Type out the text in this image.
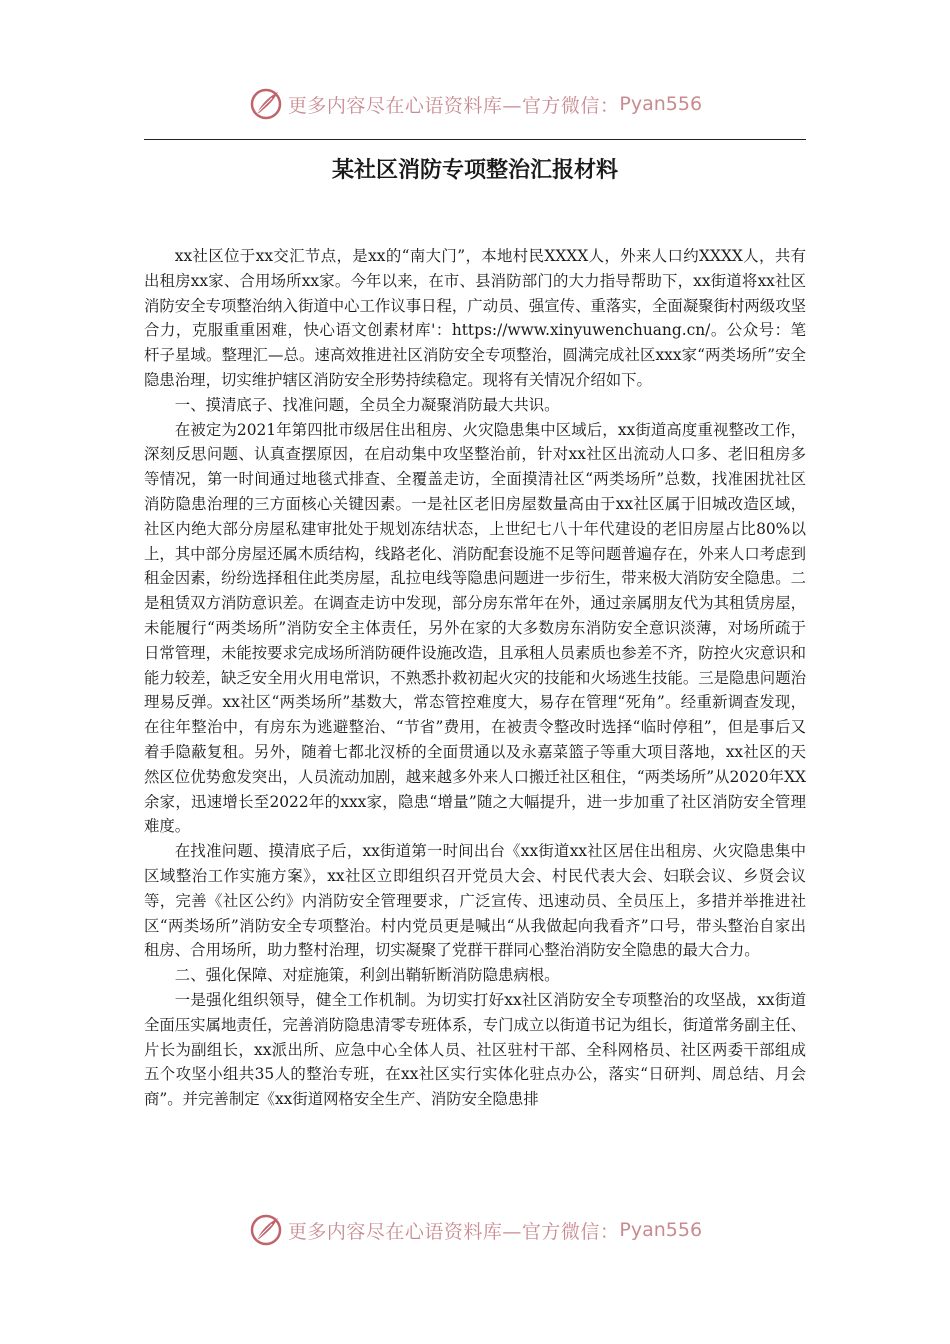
更多内容尽在心语资料库—官方微信： Pyan556
某社区消防专项整治汇报材料

xx社区位于xx交汇节点，是xx的“南大门”，本地村民XXXX人，外来人口约XXXX人，共有出租房xx家、合用场所xx家。今年以来，在市、县消防部门的大力指导帮助下，xx街道将xx社区消防安全专项整治纳入街道中心工作议事日程，广动员、强宣传、重落实，全面凝聚街村两级攻坚合力，克服重重困难，快心语文创素材库'：https://www.xinyuwenchuang.cn/。公众号：笔杆子星域。整理汇—总。速高效推进社区消防安全专项整治，圆满完成社区xxx家“两类场所”安全隐患治理，切实维护辖区消防安全形势持续稳定。现将有关情况介绍如下。

一、摸清底子、找准问题，全员全力凝聚消防最大共识。

在被定为2021年第四批市级居住出租房、火灾隐患集中区域后，xx街道高度重视整改工作，深刻反思问题、认真查摆原因，在启动集中攻坚整治前，针对xx社区出流动人口多、老旧租房多等情况，第一时间通过地毯式排查、全覆盖走访，全面摸清社区“两类场所”总数，找准困扰社区消防隐患治理的三方面核心关键因素。一是社区老旧房屋数量高由于xx社区属于旧城改造区域，社区内绝大部分房屋私建审批处于规划冻结状态，上世纪七八十年代建设的老旧房屋占比80%以上，其中部分房屋还属木质结构，线路老化、消防配套设施不足等问题普遍存在，外来人口考虑到租金因素，纷纷选择租住此类房屋，乱拉电线等隐患问题进一步衍生，带来极大消防安全隐患。二是租赁双方消防意识差。在调查走访中发现，部分房东常年在外，通过亲属朋友代为其租赁房屋，未能履行“两类场所”消防安全主体责任，另外在家的大多数房东消防安全意识淡薄，对场所疏于日常管理，未能按要求完成场所消防硬件设施改造，且承租人员素质也参差不齐，防控火灾意识和能力较差，缺乏安全用火用电常识，不熟悉扑救初起火灾的技能和火场逃生技能。三是隐患问题治理易反弹。xx社区“两类场所”基数大，常态管控难度大，易存在管理“死角”。经重新调查发现，在往年整治中，有房东为逃避整治、“节省”费用，在被责令整改时选择“临时停租”，但是事后又着手隐蔽复租。另外，随着七都北汊桥的全面贯通以及永嘉菜篮子等重大项目落地，xx社区的天然区位优势愈发突出，人员流动加剧，越来越多外来人口搬迁社区租住，“两类场所”从2020年XX余家，迅速增长至2022年的xxx家，隐患“增量”随之大幅提升，进一步加重了社区消防安全管理难度。

在找准问题、摸清底子后，xx街道第一时间出台《xx街道xx社区居住出租房、火灾隐患集中区域整治工作实施方案》，xx社区立即组织召开党员大会、村民代表大会、妇联会议、乡贤会议等，完善《社区公约》内消防安全管理要求，广泛宣传、迅速动员、全员压上，多措并举推进社区“两类场所”消防安全专项整治。村内党员更是喊出“从我做起向我看齐”口号，带头整治自家出租房、合用场所，助力整村治理，切实凝聚了党群干群同心整治消防安全隐患的最大合力。

二、强化保障、对症施策，利剑出鞘斩断消防隐患病根。

一是强化组织领导，健全工作机制。为切实打好xx社区消防安全专项整治的攻坚战，xx街道全面压实属地责任，完善消防隐患清零专班体系，专门成立以街道书记为组长，街道常务副主任、片长为副组长，xx派出所、应急中心全体人员、社区驻村干部、全科网格员、社区两委干部组成五个攻坚小组共35人的整治专班，在xx社区实行实体化驻点办公，落实“日研判、周总结、月会商”。并完善制定《xx街道网格安全生产、消防安全隐患排

更多内容尽在心语资料库—官方微信： Pyan556
